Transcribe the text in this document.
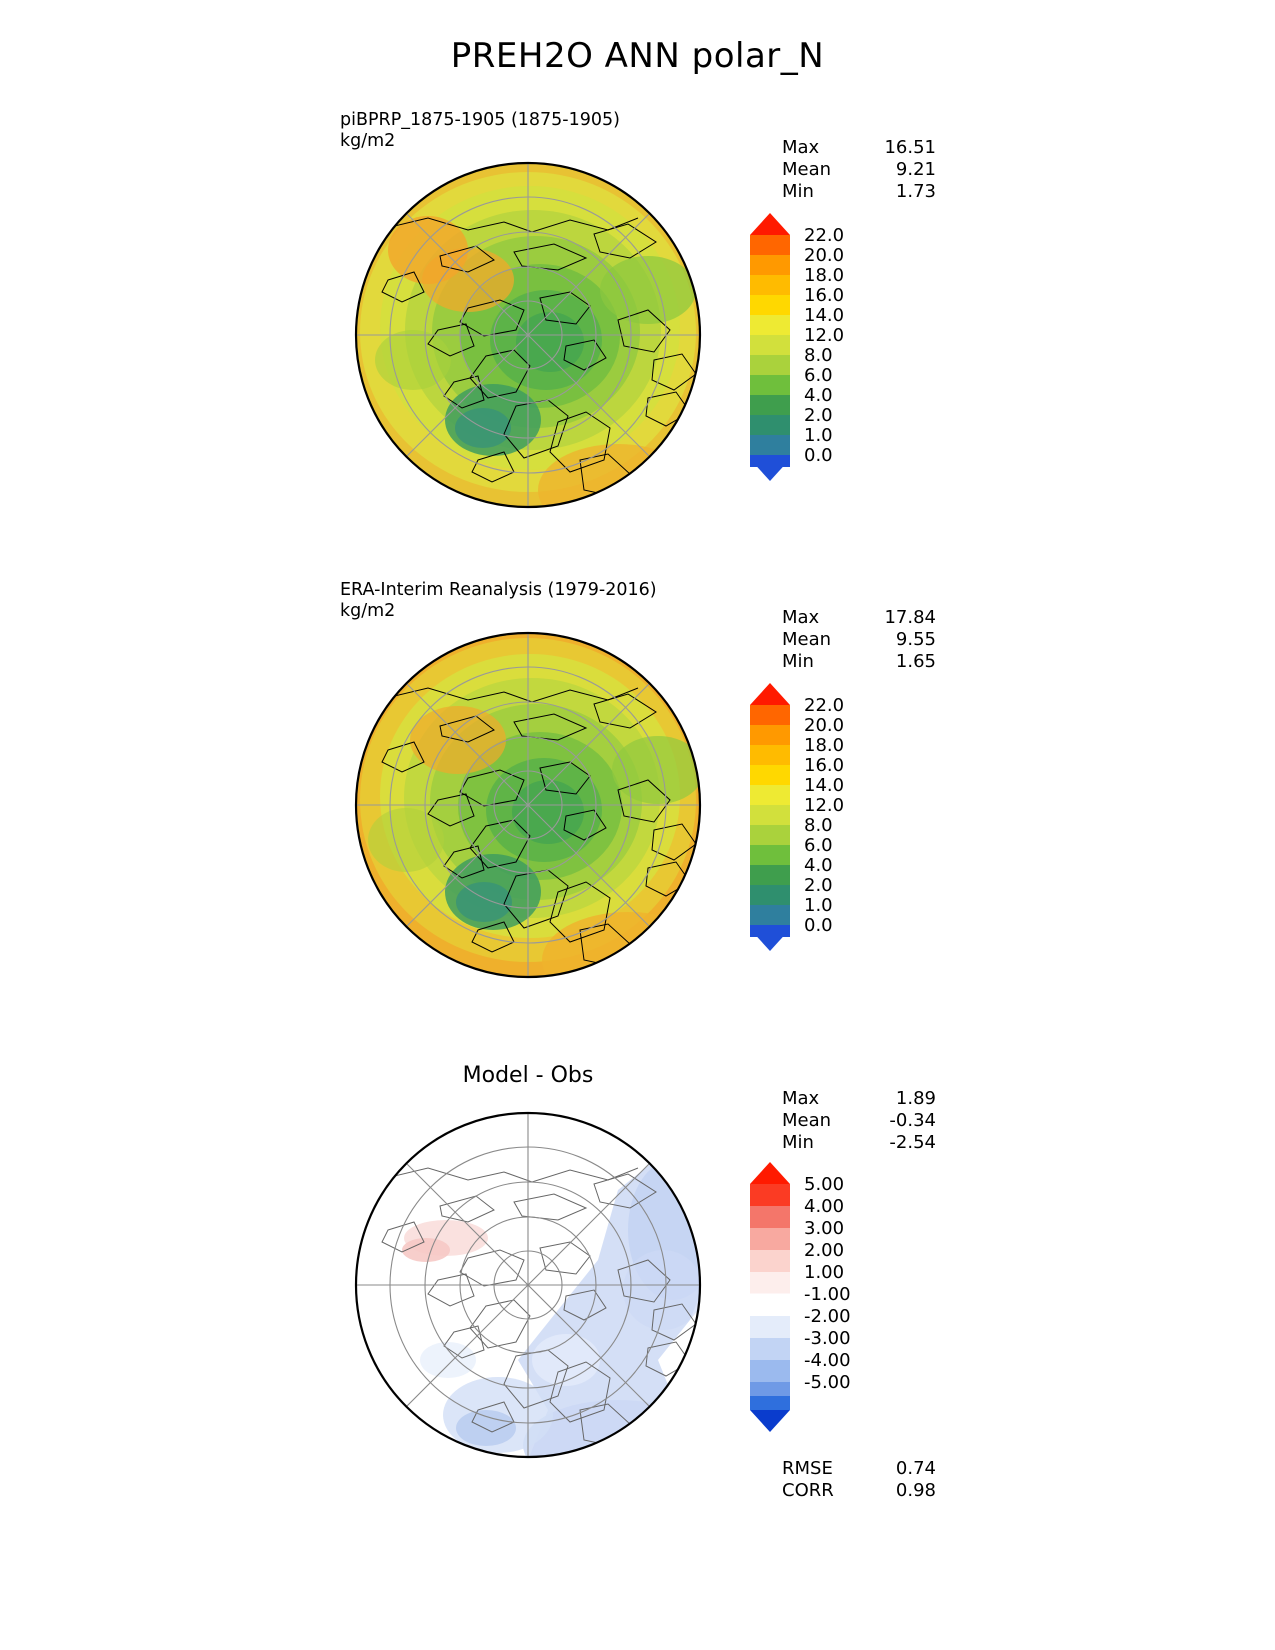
PREH2O ANN polar_N
piBPRP_1875-1905 (1875-1905)
kg/m2	Max	16.51
Mean	9.21
Min	1.73
22.0
20.0
18.0
16.0
14.0
12.0
8.0
6.0
4.0
2.0
1.0
0.0
ERA-Interim Reanalysis (1979-2016)
kg/m2	Max	17.84
Mean	9.55
Min	1.65
22.0
20.0
18.0
16.0
14.0
12.0
8.0
6.0
4.0
2.0
1.0
0.0
Model - Obs
Max	1.89
Mean	-0.34
Min	-2.54
5.00
4.00
3.00
2.00
1.00
-1.00
-2.00
-3.00
-4.00
-5.00
RMSE	0.74
CORR	0.98
